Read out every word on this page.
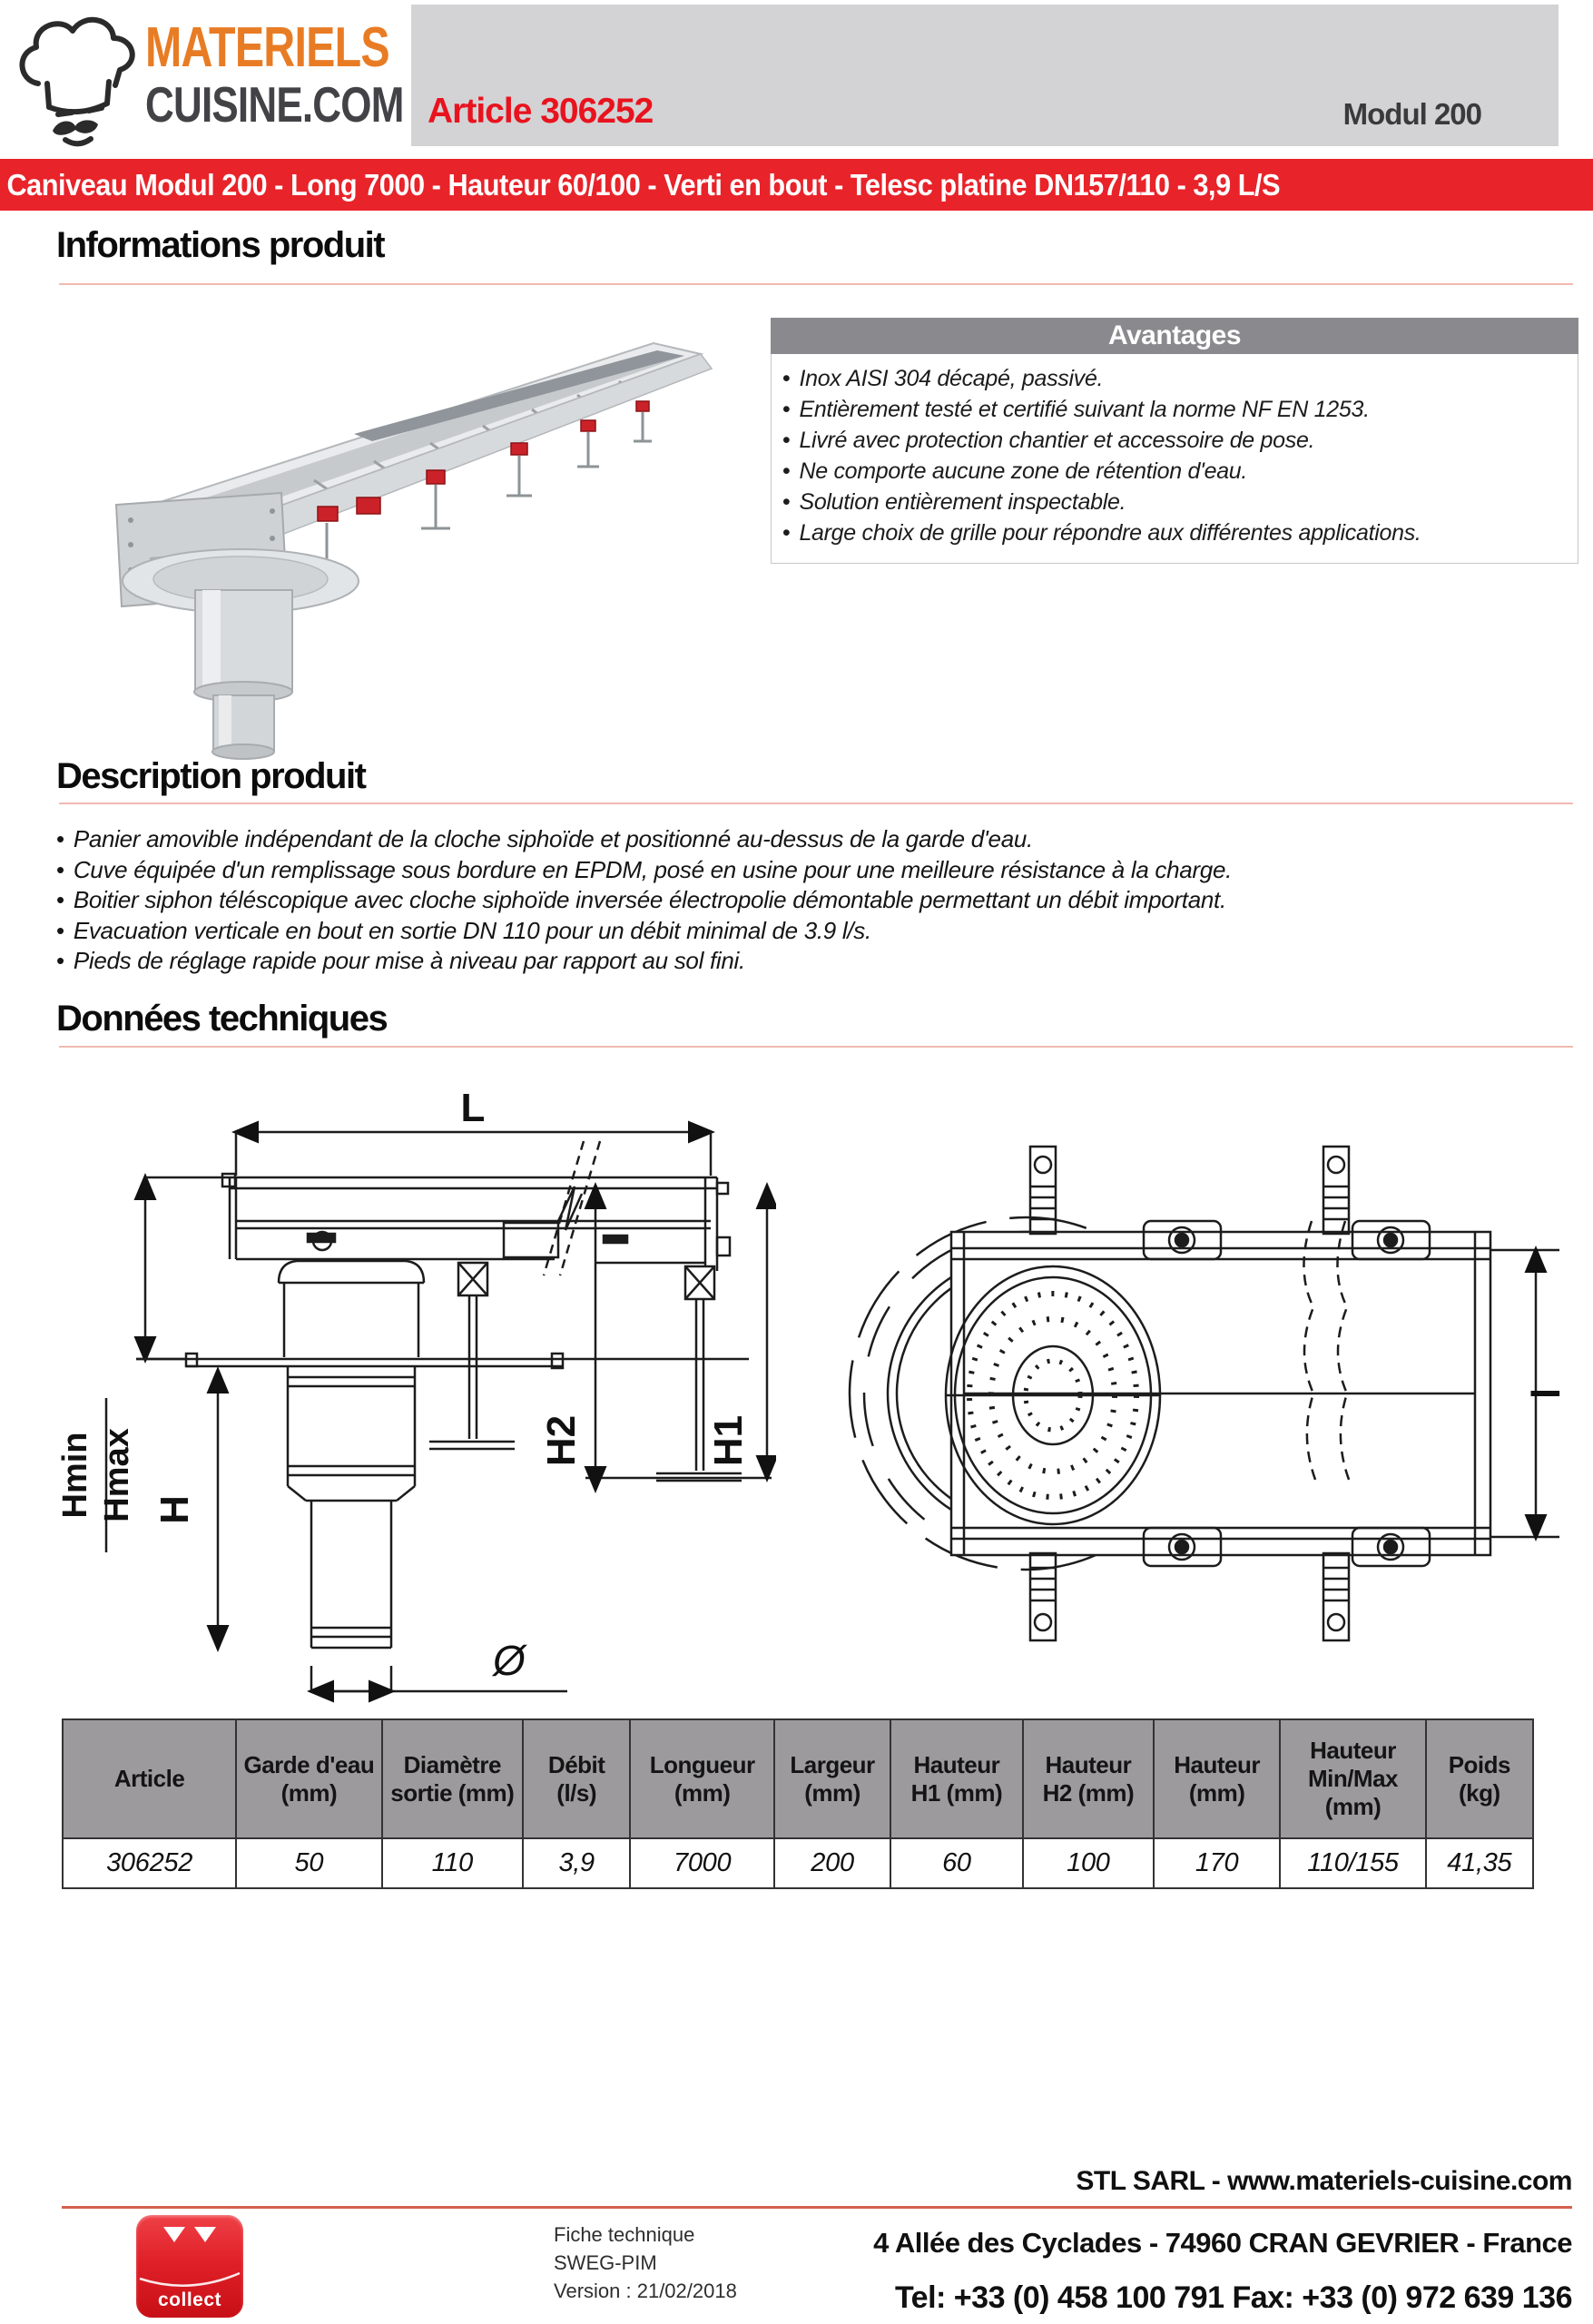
MATERIELS
CUISINE.COM Article 306252	Modul 200
Caniveau Modul 200 - Long 7000 - Hauteur 60/100 - Verti en bout - Telesc platine DN157/110 - 3,9 L/S
Informations produit
Avantages
• Inox AISI 304 décapé, passivé.
• Entièrement testé et certifié suivant la norme NF EN 1253.
• Livré avec protection chantier et accessoire de pose.
• Ne comporte aucune zone de rétention d'eau.
• Solution entièrement inspectable.
• Large choix de grille pour répondre aux différentes applications.
Description produit
• Panier amovible indépendant de la cloche siphoïde et positionné au-dessus de la garde d'eau.
• Cuve équipée d'un remplissage sous bordure en EPDM, posé en usine pour une meilleure résistance à la charge.
• Boitier siphon téléscopique avec cloche siphoïde inversée électropolie démontable permettant un débit important.
• Evacuation verticale en bout en sortie DN 110 pour un débit minimal de 3.9 l/s.
• Pieds de réglage rapide pour mise à niveau par rapport au sol fini.
Données techniques
L
Hmin Hmax H
H2	H1
Ø
l
Article	Garde d'eau (mm)	Diamètre sortie (mm)	Débit (l/s)	Longueur (mm)	Largeur (mm)	Hauteur H1 (mm)	Hauteur H2 (mm)	Hauteur (mm)	Hauteur Min/Max (mm)	Poids (kg)
306252	50	110	3,9	7000	200	60	100	170	110/155	41,35
STL SARL - www.materiels-cuisine.com
collect
Fiche technique
SWEG-PIM
Version : 21/02/2018
4 Allée des Cyclades - 74960 CRAN GEVRIER - France
Tel: +33 (0) 458 100 791 Fax: +33 (0) 972 639 136
